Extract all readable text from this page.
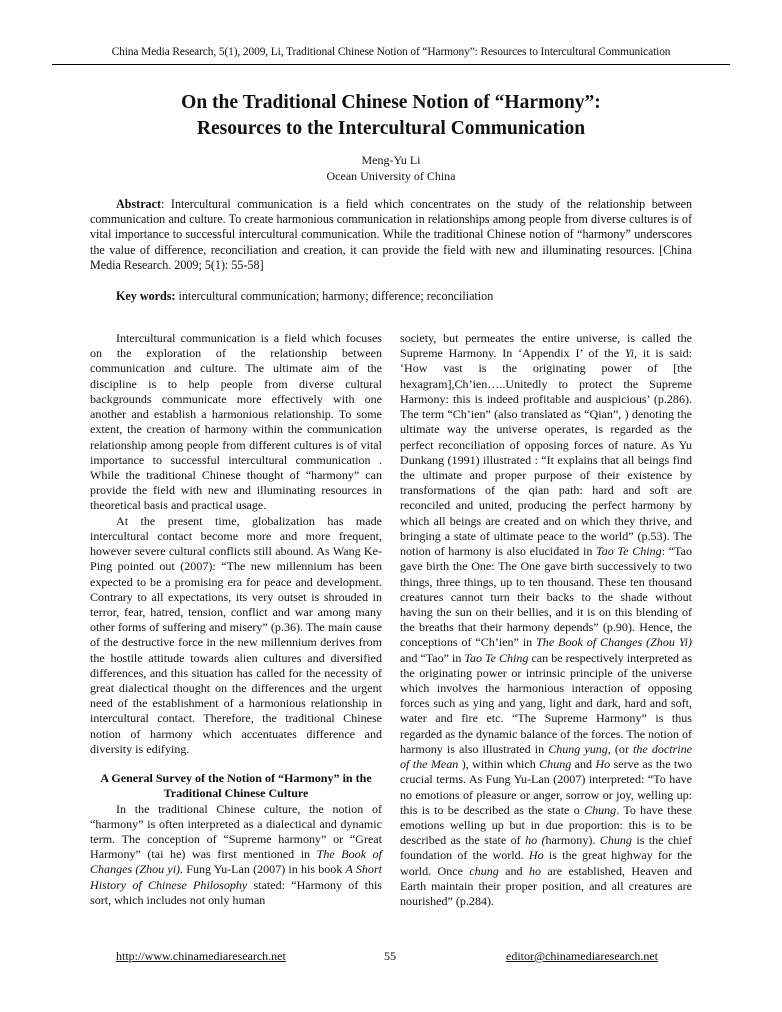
China Media Research, 5(1), 2009, Li, Traditional Chinese Notion of “Harmony”: Resources to Intercultural Communication
On the Traditional Chinese Notion of “Harmony”:
Resources to the Intercultural Communication
Meng-Yu Li
Ocean University of China
Abstract: Intercultural communication is a field which concentrates on the study of the relationship between communication and culture. To create harmonious communication in relationships among people from diverse cultures is of vital importance to successful intercultural communication. While the traditional Chinese notion of “harmony” underscores the value of difference, reconciliation and creation, it can provide the field with new and illuminating resources. [China Media Research. 2009; 5(1): 55-58]
Key words: intercultural communication; harmony; difference; reconciliation

Intercultural communication is a field which focuses on the exploration of the relationship between communication and culture. The ultimate aim of the discipline is to help people from diverse cultural backgrounds communicate more effectively with one another and establish a harmonious relationship. To some extent, the creation of harmony within the communication relationship among people from different cultures is of vital importance to successful intercultural communication . While the traditional Chinese thought of “harmony” can provide the field with new and illuminating resources in theoretical basis and practical usage.

At the present time, globalization has made intercultural contact become more and more frequent, however severe cultural conflicts still abound. As Wang Ke-Ping pointed out (2007): “The new millennium has been expected to be a promising era for peace and development. Contrary to all expectations, its very outset is shrouded in terror, fear, hatred, tension, conflict and war among many other forms of suffering and misery” (p.36). The main cause of the destructive force in the new millennium derives from the hostile attitude towards alien cultures and diversified differences, and this situation has called for the necessity of great dialectical thought on the differences and the urgent need of the establishment of a harmonious relationship in intercultural contact. Therefore, the traditional Chinese notion of harmony which accentuates difference and diversity is edifying.

A General Survey of the Notion of “Harmony” in the Traditional Chinese Culture

In the traditional Chinese culture, the notion of “harmony” is often interpreted as a dialectical and dynamic term. The conception of “Supreme harmony” or “Great Harmony” (tai he) was first mentioned in The Book of Changes (Zhou yi). Fung Yu-Lan (2007) in his book A Short History of Chinese Philosophy stated: “Harmony of this sort, which includes not only human

society, but permeates the entire universe, is called the Supreme Harmony. In ‘Appendix I’ of the Yi, it is said: ‘How vast is the originating power of [the hexagram],Ch’ien…..Unitedly to protect the Supreme Harmony: this is indeed profitable and auspicious’ (p.286). The term “Ch’ien” (also translated as “Qian”, ) denoting the ultimate way the universe operates, is regarded as the perfect reconciliation of opposing forces of nature. As Yu Dunkang (1991) illustrated : “It explains that all beings find the ultimate and proper purpose of their existence by transformations of the qian path: hard and soft are reconciled and united, producing the perfect harmony by which all beings are created and on which they thrive, and bringing a state of ultimate peace to the world” (p.53). The notion of harmony is also elucidated in Tao Te Ching: “Tao gave birth the One: The One gave birth successively to two things, three things, up to ten thousand. These ten thousand creatures cannot turn their backs to the shade without having the sun on their bellies, and it is on this blending of the breaths that their harmony depends” (p.90). Hence, the conceptions of “Ch’ien” in The Book of Changes (Zhou Yi) and “Tao” in Tao Te Ching can be respectively interpreted as the originating power or intrinsic principle of the universe which involves the harmonious interaction of opposing forces such as ying and yang, light and dark, hard and soft, water and fire etc. “The Supreme Harmony” is thus regarded as the dynamic balance of the forces. The notion of harmony is also illustrated in Chung yung, (or the doctrine of the Mean ), within which Chung and Ho serve as the two crucial terms. As Fung Yu-Lan (2007) interpreted: “To have no emotions of pleasure or anger, sorrow or joy, welling up: this is to be described as the state o Chung. To have these emotions welling up but in due proportion: this is to be described as the state of ho (harmony). Chung is the chief foundation of the world. Ho is the great highway for the world. Once chung and ho are established, Heaven and Earth maintain their proper position, and all creatures are nourished” (p.284).

http://www.chinamediaresearch.net	55	editor@chinamediaresearch.net
